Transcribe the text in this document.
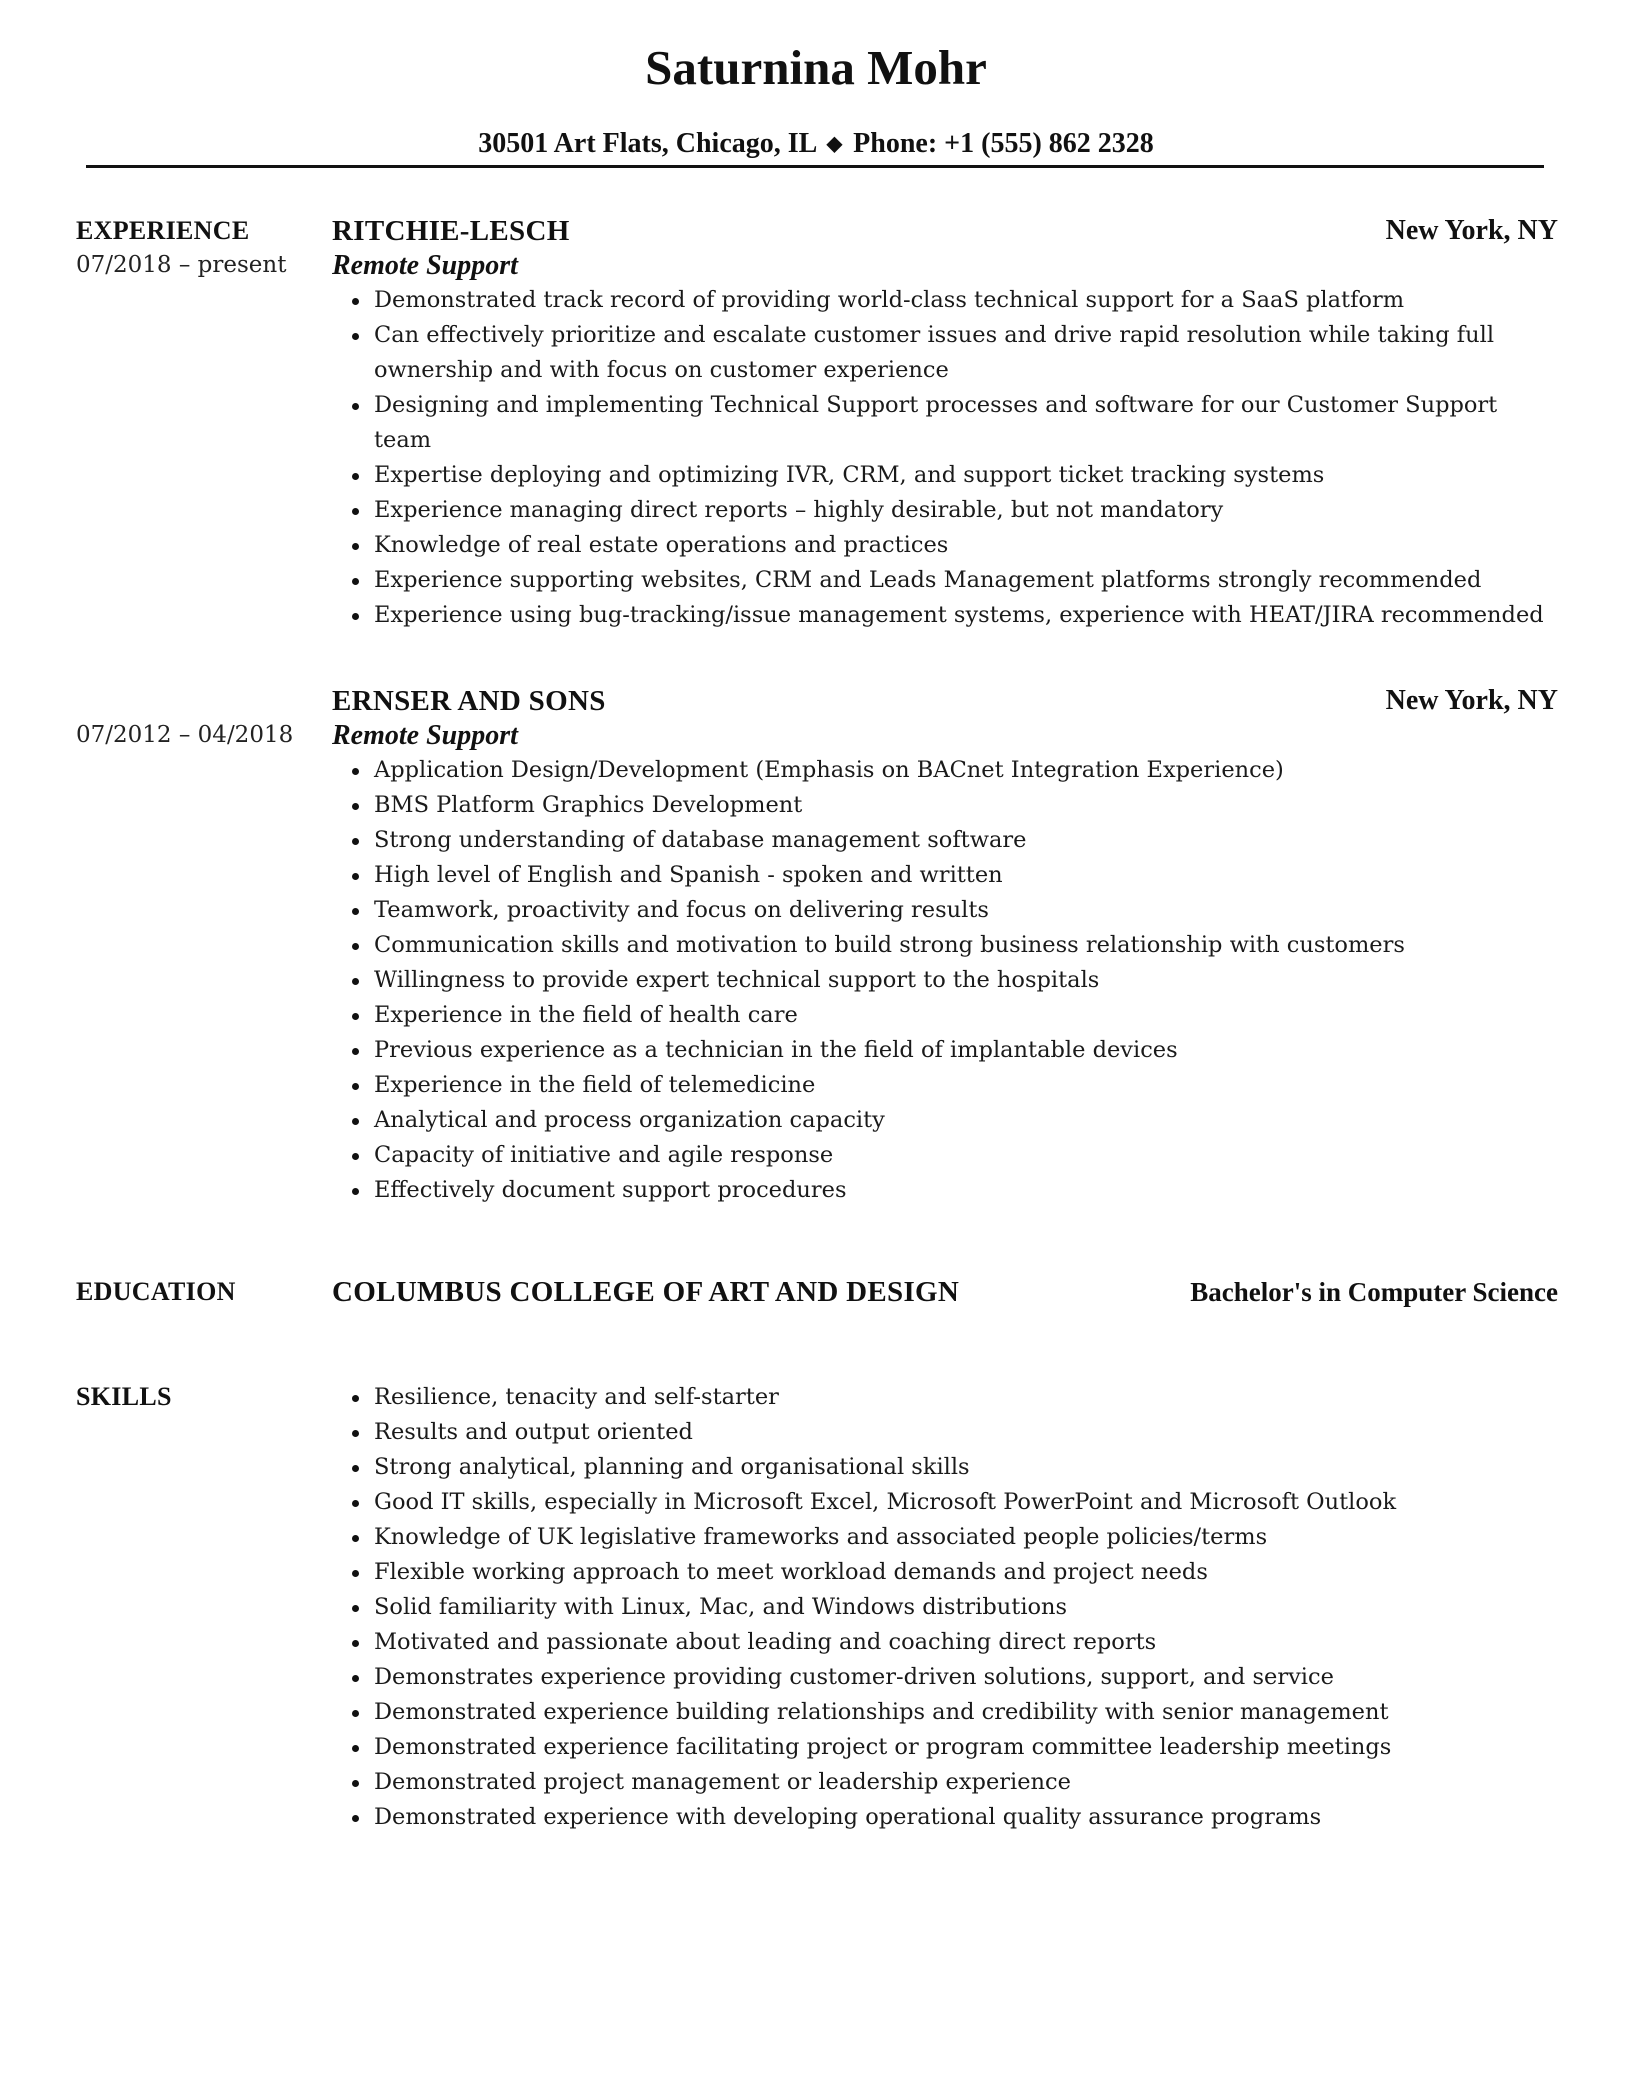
Saturnina Mohr
30501 Art Flats, Chicago, IL ◆ Phone: +1 (555) 862 2328
EXPERIENCE
07/2018 – present
RITCHIE-LESCH	New York, NY
Remote Support
Demonstrated track record of providing world-class technical support for a SaaS platform
Can effectively prioritize and escalate customer issues and drive rapid resolution while taking full ownership and with focus on customer experience
Designing and implementing Technical Support processes and software for our Customer Support team
Expertise deploying and optimizing IVR, CRM, and support ticket tracking systems
Experience managing direct reports – highly desirable, but not mandatory
Knowledge of real estate operations and practices
Experience supporting websites, CRM and Leads Management platforms strongly recommended
Experience using bug-tracking/issue management systems, experience with HEAT/JIRA recommended
07/2012 – 04/2018
ERNSER AND SONS	New York, NY
Remote Support
Application Design/Development (Emphasis on BACnet Integration Experience)
BMS Platform Graphics Development
Strong understanding of database management software
High level of English and Spanish - spoken and written
Teamwork, proactivity and focus on delivering results
Communication skills and motivation to build strong business relationship with customers
Willingness to provide expert technical support to the hospitals
Experience in the field of health care
Previous experience as a technician in the field of implantable devices
Experience in the field of telemedicine
Analytical and process organization capacity
Capacity of initiative and agile response
Effectively document support procedures
EDUCATION	COLUMBUS COLLEGE OF ART AND DESIGN	Bachelor's in Computer Science
SKILLS	Resilience, tenacity and self-starter
Results and output oriented
Strong analytical, planning and organisational skills
Good IT skills, especially in Microsoft Excel, Microsoft PowerPoint and Microsoft Outlook
Knowledge of UK legislative frameworks and associated people policies/terms
Flexible working approach to meet workload demands and project needs
Solid familiarity with Linux, Mac, and Windows distributions
Motivated and passionate about leading and coaching direct reports
Demonstrates experience providing customer-driven solutions, support, and service
Demonstrated experience building relationships and credibility with senior management
Demonstrated experience facilitating project or program committee leadership meetings
Demonstrated project management or leadership experience
Demonstrated experience with developing operational quality assurance programs
